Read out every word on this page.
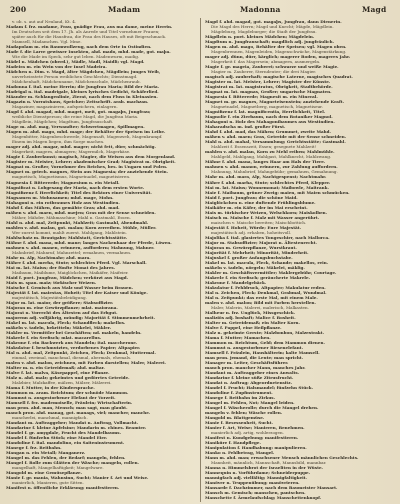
200	Madam	Madonna	Magd
v. ob. s. aut auf Neuland, Kt. 4.
Madam f. frz. madame, Frau, gnädige Frau, aus ma dame, meine Herrin.
Im Deutschen seit dem 17. Jh. als Anrede und Titel vornehmer Frauen;
später auch für die Hausfrau, die Frau des Hauses, oft mit Beigeschmack.
Mamsell, Madamchen. Vgl. Mme.
Madapolam m. ein Baumwollzeug, nach dem Orte in Ostindien.
Made f. die Larve gewisser Insekten, ahd. mado, mhd. made, got. maþa.
Wie die Made im Speck, sehr gut leben. Madenwurm, madig.
Mädel n. Mädchen (oberd.), Mädle, Madl, Maidli; vgl. Magd.
Madeira m. ein Wein von der Insel Madeira.
Mädchen n. Dim. v. Magd, älter Mägdchen, Mägdlein; junges Weib,
unverheiratete Person weiblichen Geschlechts; Dienstmagd.
Mädchenhaft, Mädchenname, Mädchenschule, Mädchenraub.
Madonna f. ital. meine Herrin; die Jungfrau Maria; Bild der Maria.
Madrigal n. ital. madrigale, kleines lyrisches Gedicht, Schäferlied.
Mäander m. Schlangenlinie, Zierat, nach dem Fluss in Kleinasien.
Magazin n. Vorratshaus, Speicher; Zeitschrift. arab. machzan.
Magaziner, magazinieren, aufspeichern, einlagern.
Magd f. ahd. magad, mhd. maget, meit, got. magaþs, Jungfrau;
weibliche Dienstperson; die reine Magd, die Jungfrau Maria.
Mägdlein, Mägdchen; Magdtum, Jungfrauschaft.
Mage m. ahd. mag, Verwandter; Schwertmagen, Spillmagen.
Magen m. ahd. mago, mhd. mage; der Behälter der Speisen im Leibe.
Magenbitter, Magenbeschwerde, Magensaft, Magenweh, Magenkrampf.
Einem im Magen liegen, ihm Sorge machen.
mager adj. ahd. magar, mhd. mager; nicht fett, dürr, schmächtig.
Magerkeit, magern, abmagern; Magermilch, Magerkäse.
Magie f. Zauberkunst; magisch, Magier, die Weisen aus dem Morgenland.
Magister m. Meister, Lehrer; akademischer Grad; Magistrat m. Obrigkeit.
Magnat m. Großer, Vornehmer des Reiches, bes. in Ungarn und Polen.
Magnet m. griech. magnes, Stein aus Magnesia; der anziehende Stein.
magnetisch, Magnetismus, Magnetnadel, magnetisieren.
Magnesia f. Bittererde; Magnesium n. ein Metall.
Magnificat n. Lobgesang der Maria, nach dem ersten Worte.
Magnifizenz f. Herrlichkeit; Titel des Rektors einer Universität.
Magsamen m. Mohnsamen; mhd. mage, Mohn.
Mahagoni n. ein rotbraunes Holz aus Westindien.
Mahd f. das Mähen, das gemähte Gras; ahd. mad.
mähen v. ahd. maen, mhd. mæjen; Gras mit der Sense schneiden.
Mäher, Mähder, Mähmaschine; Mahl n. Gastmahl, Essen.
Mahl n. ahd. mal, Zeitpunkt, Mahlzeit; Gastmahl, Abendmahl.
mahlen v. ahd. malan, got. malan; Korn zerreiben. Mühle, Müller.
Wer zuerst kommt, mahlt zuerst. Mahlgang, Mahlstein.
Mahlschatz m. Brautgabe; Mahlstatt, Gerichtsstätte.
Mähne f. ahd. mana, mhd. mane; langes Nackenhaar der Pferde, Löwen.
mahnen v. ahd. manen, erinnern, auffordern; Mahnung, Mahner.
Mahnbrief, Mahnruf, Mahnzettel; ermahnen, vermahnen.
Mahr m. Alp, Nachtmahr; ahd. mara.
Mähre f. ahd. merha, Stute; schlechtes Pferd. Vgl. Marschall.
Mai m. lat. Maius; der fünfte Monat des Jahres.
Maibaum, Maiblume, Maiglöckchen, Maikäfer, Maifeier.
Maid f. poet. Jungfrau, Mädchen; verkürzt aus Magd.
Mais m. span. maiz; türkischer Weizen.
Maische f. Gemisch aus Malz und Wasser beim Brauen.
Majestät f. lat. maiestas, Hoheit; Titel der Kaiser und Könige.
majestätisch, Majestätsbeleidigung.
Major m. lat. maior, der größere; Stabsoffizier.
Majoran m. eine Gewürzpflanze; mlat. maiorana.
Majorat n. Vorrecht des Ältesten auf das Erbgut.
majorenn adj. volljährig, mündig; Majorität f. Stimmenmehrheit.
Makel m. lat. macula, Fleck; Schandfleck; makellos.
mäkeln v. tadeln, bekritteln; Mäkelei, Mäkler.
Makler m. Vermittler bei Geschäften; nd. makeln, handeln.
Makrele f. ein Seefisch; mlat. macarellus.
Makrone f. ein Backwerk aus Mandeln; ital. maccherone.
Makulatur f. beschmutztes, verdorbenes Papier; Altpapier.
Mal n. ahd. mal, Zeitpunkt, Zeichen, Fleck; Denkmal, Muttermal.
einmal, zweimal, manchmal, diesmal, abermals, ehemals.
malen v. ahd. malon, zeichnen, mit Farben darstellen; Maler, Malerei.
Malter m. n. ein Getreidemaß; ahd. maltar.
Malve f. lat. malva, Käsepappel, eine Pflanze.
Malz n. ahd. malz; gekeimtes und gedörrtes Getreide.
Malzbier, Malzkaffee, mälzen, Mälzer, Mälzerei.
Mama f. Mutter, in der Kindersprache.
Mammon m. aram. Reichtum; der schnöde Mammon.
Mammut n. ausgestorbener Elefant der Vorzeit.
Mamsell f. frz. mademoiselle, Fräulein; Wirtschafterin.
man pron. ahd. man, Mensch; man sagt, man glaubt.
manch pron. ahd. manag, got. manags, viel; mancher, manche.
mancherlei, manchmal, mannigfach.
Mandant m. Auftraggeber; Mandat n. Auftrag, Vollmacht.
Mandarine f. kleine Apfelsine; Mandarin m. chines. Beamter.
Mandel f. gr. amygdale, Frucht des Mandelbaums.
Mandel f. fünfzehn Stück; eine Mandel Eier.
Mandoline f. ital. mandolino, ein Saiteninstrument.
Manege f. frz. Reitbahn.
Mangan n. ein Metall; Manganerz.
Mangel m. das Fehlen, der Bedarf; mangeln, fehlen.
Mangel f. Rolle zum Glätten der Wäsche; mangeln, rollen.
mangelhaft, Mangelhaftigkeit; Mangelware.
Mangold m. eine Gemüsepflanze.
Manie f. gr. mania, Wahnsinn, Sucht; Manier f. Art und Weise.
manierlich, Manieren, gute Sitten.
Manifest n. öffentliche Erklärung; manifestieren.
Magd f. ahd. magad, got. magaþs, Jungfrau, dann Dienerin.
Die Magd des Herrn; Magd und Knecht; Mägde, Mägdlein.
Mägdeburg, Magdeburger; die Stadt der Jungfrau.
Mägdlein n. poet. kleines Mädchen; Mägdelein.
Magdtum n. Jungfrauschaft; magdlich adj. jungfräulich.
Magen m. ahd. mago, Behälter der Speisen; vgl. Magen oben.
Magenbrennen, Magenleiden, Magenschwäche, Magenstärkung.
mager adj. dünn, dürr, kärglich; magerer Boden, mageres Jahr.
Magerkeit f. das Magersein; abmagern, ausmergeln.
Magie f. gr. mageia, Zauberei; schwarze und weiße Magie.
Magier m. Zauberer, Sterndeuter; die drei Magier.
magisch adj. zauberhaft; magische Laterne, magisches Quadrat.
Magister m. lat. Meister, Lehrer; Magister der Künste.
Magistrat m. lat. magistratus, Obrigkeit, Stadtbehörde.
Magnat m. lat. magnas, Großer; ungarische Magnaten.
Magnesia f. Bittererde; Magnesit m. ein Mineral.
Magnet m. gr. magnes, Magneteisenstein; anziehende Kraft.
Magnetnadel, Magnetberg, magnetisch, Magnetiseur.
Magnifizenz f. lat. magnificentia, Herrlichkeit, Titel.
Magnolie f. ein Zierbaum, nach dem Botaniker Magnol.
Mahagoni n. Holz des Mahagonibaumes aus Westindien.
Maharadscha m. ind. großer Fürst.
Mahd f. ahd. mad, das Mähen; Grummet, zweite Mahd.
mähen v. ahd. maen; Gras, Getreide mit der Sense schneiden.
Mahl n. ahd. mahal, Versammlung; Gerichtsstätte; Gastmahl.
Mahlzeit f. Essenszeit, Essen; gesegnete Mahlzeit!
mahlen v. ahd. malan, Korn zu Mehl reiben; Mahlmühle.
Mahlgeld, Mahlgang, Mahlgast, Mahlknecht, Mahlzwang.
Mähne f. ahd. mana, langes Haar am Hals der Tiere.
mahnen v. ahd. manon, erinnern, zur Zahlung auffordern.
Mahnung, Mahnbrief, Mahngebühr; gemahnen, Gemahnung.
Mahr m. ahd. mara, Alp, Nachtgespenst; Nachtmahr.
Mähre f. ahd. marha, Stute; schlechtes Pferd, Klepper.
Mai m. lat. Maius; Wonnemonat; Maibowle, Maitrank.
Maie f. Maibaum, grüner Zweig; maien, mit Maien schmücken.
Maid f. poet. Jungfrau; die schöne Maid.
Maiglöckchen n. eine duftende Frühlingsblume.
Maikäfer m. ein Käfer, der im Mai erscheint.
Mais m. türkischer Weizen, Welschkorn; Maiskolben.
Maisch m. Maische f. Malz mit Wasser angerührt.
maischen v. Maische bereiten; Maischbottich.
Majestät f. Hoheit, Würde; Eure Majestät.
majestätisch adj. erhaben, hoheitsvoll.
Majolika f. ital. glasiertes Tongeschirr, nach Mallorca.
Major m. Stabsoffizier; Majorat n. Ältestenrecht.
Majoran m. Gewürzpflanze, Wurstkraut.
Majorität f. Mehrheit; Minorität, Minderheit.
Majuskel f. großer Anfangsbuchstabe.
Makel m. lat. macula, Fleck, Schande; makellos, rein.
mäkeln v. tadeln, nörgeln; Mäkelei, mäklig.
Makler m. Geschäftsvermittler; Maklergebühr, Courtage.
Makrele f. ein Seefisch; geräucherte Makrele.
Makrone f. Mandelgebäck.
Makulatur f. Fehldruck, Altpapier; Makulatur reden.
Mal n. Zeichen, Fleck; Denkmal, Grabmal, Wundmal.
Mal n. Zeitpunkt; das erste Mal, mit einem Male.
malen v. ahd. malon; Bild mit Farben herstellen.
Maler, Malerin, Malerei, malerisch, Malkasten.
Malheur n. frz. Unglück, Missgeschick.
maliziös adj. boshaft; Malice f. Bosheit.
Malter m. Getreidemaß; ein Malter Korn.
Malve f. Pappel, eine Heilpflanze.
Malz n. gekeimte Gerste; Malzbonbon, Malzextrakt.
Mama f. Mutter; Mamachen.
Mammon m. Reichtum, Geld; dem Mammon dienen.
Mammut n. ausgestorbener Riesenelefant.
Mamsell f. Fräulein, Haushälterin; kalte Mamsell.
man pron. jemand, die Leute; man spricht.
Manager m. Leiter, Geschäftsführer.
manch pron. mancher Mann, manches Jahr.
Mandant m. Auftraggeber eines Anwalts.
Mandarine f. kleine süße Zitrusfrucht.
Mandat n. Auftrag; Abgeordnetensitz.
Mandel f. Frucht; Halsmandel; fünfzehn Stück.
Mandoline f. Zupfinstrument.
Manege f. Reitbahn im Zirkus.
Mangel m. Fehlen, Not; Mangel leiden.
Mangel f. Wäscherolle; durch die Mangel drehen.
mangeln v. fehlen; Wäsche rollen.
Mangold m. Blattgemüse.
Manie f. Besessenheit, Sucht.
Manier f. Art, Weise; Manieren, Benehmen.
manierlich adj. artig, wohlerzogen.
Manifest n. Kundgebung; manifestieren.
Maniküre f. Handpflege.
Manipulation f. Handhabung; manipulieren.
Manko n. Fehlbetrag, Mangel.
Mann m. ahd. man; erwachsener Mensch männlichen Geschlechts.
Mannheit, männlich, Mannschaft, Mannsbild, mannbar.
Manna n. Himmelsbrot der Israeliten in der Wüste.
Mannequin n. Vorführdame; Schneiderpuppe.
mannigfach adj. vielfältig; Mannigfaltigkeit.
Manöver n. Truppenübung; manövrieren.
Mansarde f. Dachzimmer, nach dem Baumeister Mansart.
Mansch m. Gemisch; manschen, pantschen.
Manschette f. Ärmelaufschlag; Manschettenknopf.
